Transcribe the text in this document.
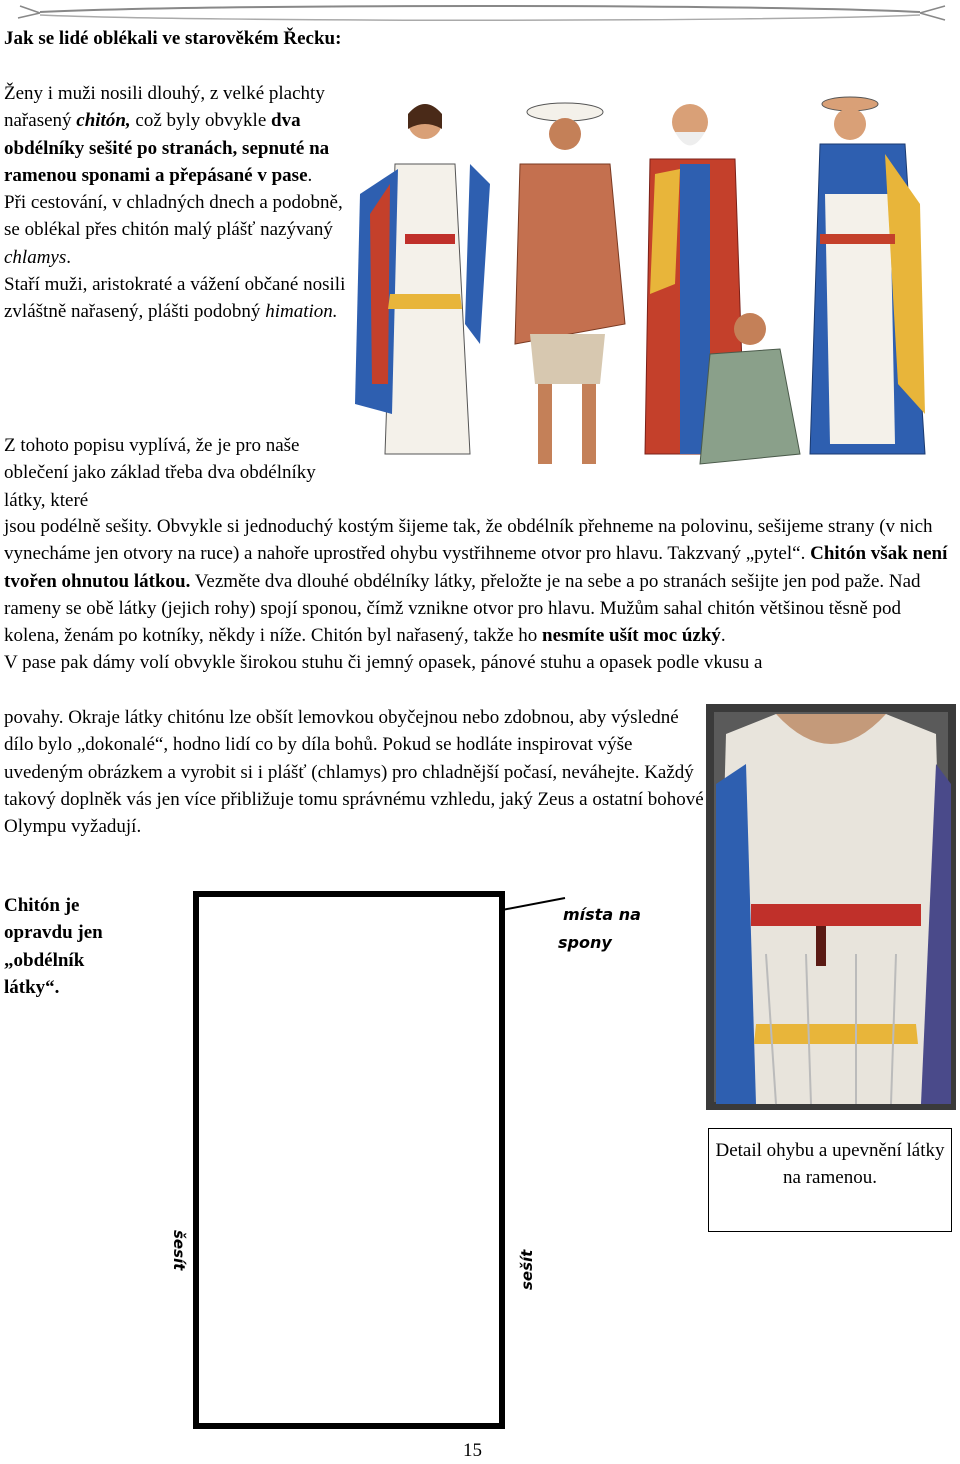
Jak se lidé oblékali ve starověkém Řecku:

Ženy i muži nosili dlouhý, z velké plachty nařasený chitón, což byly obvykle dva obdélníky sešité po stranách, sepnuté na ramenou sponami a přepásané v pase.
Při cestování, v chladných dnech a podobně, se oblékal přes chitón malý plášť nazývaný chlamys.
Staří muži, aristokraté a vážení občané nosili zvláštně nařasený, plášti podobný himation.

Z tohoto popisu vyplívá, že je pro naše oblečení jako základ třeba dva obdélníky látky, které

jsou podélně sešity. Obvykle si jednoduchý kostým šijeme tak, že obdélník přehneme na polovinu, sešijeme strany (v nich vynecháme jen otvory na ruce) a nahoře uprostřed ohybu vystřihneme otvor pro hlavu. Takzvaný „pytel“. Chitón však není tvořen ohnutou látkou. Vezměte dva dlouhé obdélníky látky, přeložte je na sebe a po stranách sešijte jen pod paže. Nad rameny se obě látky (jejich rohy) spojí sponou, čímž vznikne otvor pro hlavu. Mužům sahal chitón většinou těsně pod kolena, ženám po kotníky, někdy i níže. Chitón byl nařasený, takže ho nesmíte ušít moc úzký.
V pase pak dámy volí obvykle širokou stuhu či jemný opasek, pánové stuhu a opasek podle vkusu a

povahy. Okraje látky chitónu lze obšít lemovkou obyčejnou nebo zdobnou, aby výsledné dílo bylo „dokonalé“, hodno lidí co by díla bohů. Pokud se hodláte inspirovat výše uvedeným obrázkem a vyrobit si i plášť (chlamys) pro chladnější počasí, neváhejte. Každý takový doplněk vás jen více přibližuje tomu správnému vzhledu, jaký Zeus a ostatní bohové Olympu vyžadují.

Detail ohybu a upevnění látky na ramenou.

Chitón je opravdu jen „obdélník látky“.

místa na
spony
šesít	sešít
15
